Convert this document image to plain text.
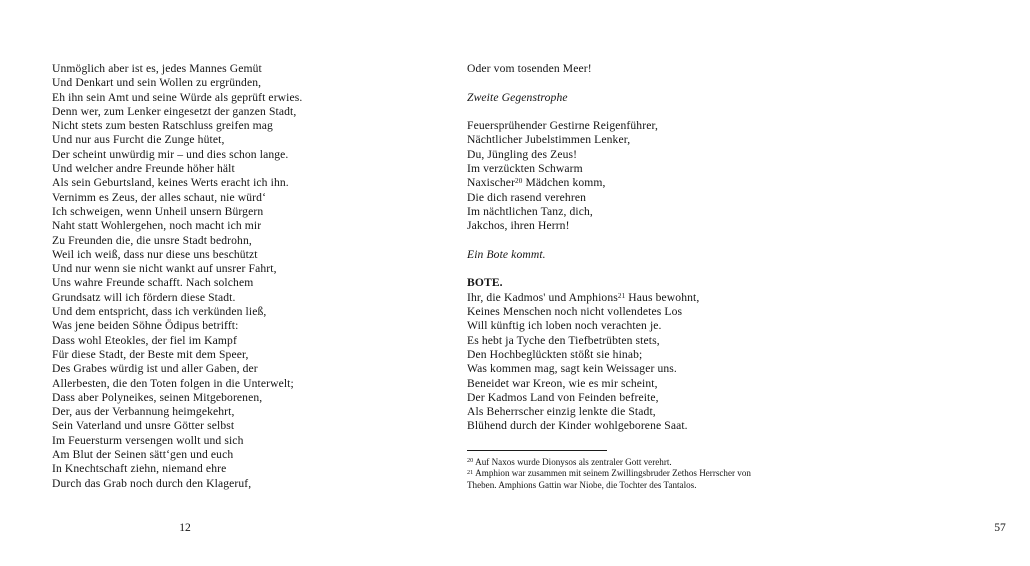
Unmöglich aber ist es, jedes Mannes Gemüt
Und Denkart und sein Wollen zu ergründen,
Eh ihn sein Amt und seine Würde als geprüft erwies.
Denn wer, zum Lenker eingesetzt der ganzen Stadt,
Nicht stets zum besten Ratschluss greifen mag
Und nur aus Furcht die Zunge hütet,
Der scheint unwürdig mir – und dies schon lange.
Und welcher andre Freunde höher hält
Als sein Geburtsland, keines Werts eracht ich ihn.
Vernimm es Zeus, der alles schaut, nie würd‘
Ich schweigen, wenn Unheil unsern Bürgern
Naht statt Wohlergehen, noch macht ich mir
Zu Freunden die, die unsre Stadt bedrohn,
Weil ich weiß, dass nur diese uns beschützt
Und nur wenn sie nicht wankt auf unsrer Fahrt,
Uns wahre Freunde schafft. Nach solchem
Grundsatz will ich fördern diese Stadt.
Und dem entspricht, dass ich verkünden ließ,
Was jene beiden Söhne Ödipus betrifft:
Dass wohl Eteokles, der fiel im Kampf
Für diese Stadt, der Beste mit dem Speer,
Des Grabes würdig ist und aller Gaben, der
Allerbesten, die den Toten folgen in die Unterwelt;
Dass aber Polyneikes, seinen Mitgeborenen,
Der, aus der Verbannung heimgekehrt,
Sein Vaterland und unsre Götter selbst
Im Feuersturm versengen wollt und sich
Am Blut der Seinen sätt‘gen und euch
In Knechtschaft ziehn, niemand ehre
Durch das Grab noch durch den Klageruf,
12
Oder vom tosenden Meer!

Zweite Gegenstrophe

Feuersprühender Gestirne Reigenführer,
Nächtlicher Jubelstimmen Lenker,
Du, Jüngling des Zeus!
Im verzückten Schwarm
Naxischer$^{20}$ Mädchen komm,
Die dich rasend verehren
Im nächtlichen Tanz, dich,
Jakchos, ihren Herrn!

Ein Bote kommt.

BOTE.
Ihr, die Kadmos' und Amphions$^{21}$ Haus bewohnt,
Keines Menschen noch nicht vollendetes Los
Will künftig ich loben noch verachten je.
Es hebt ja Tyche den Tiefbetrübten stets,
Den Hochbeglückten stößt sie hinab;
Was kommen mag, sagt kein Weissager uns.
Beneidet war Kreon, wie es mir scheint,
Der Kadmos Land von Feinden befreite,
Als Beherrscher einzig lenkte die Stadt,
Blühend durch der Kinder wohlgeborene Saat.

$^{20}$ Auf Naxos wurde Dionysos als zentraler Gott verehrt.

$^{21}$ Amphion war zusammen mit seinem Zwillingsbruder Zethos Herrscher von Theben. Amphions Gattin war Niobe, die Tochter des Tantalos.

57
